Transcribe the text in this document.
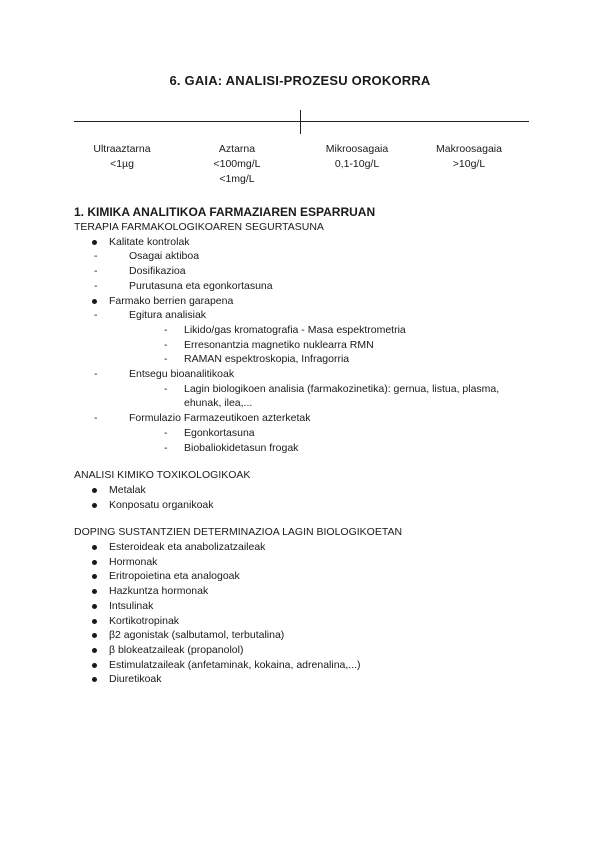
6. GAIA: ANALISI-PROZESU OROKORRA
Ultraaztarna
<1µg
Aztarna
<100mg/L
<1mg/L
Mikroosagaia
0,1-10g/L
Makroosagaia
>10g/L
1. KIMIKA ANALITIKOA FARMAZIAREN ESPARRUAN
TERAPIA FARMAKOLOGIKOAREN SEGURTASUNA
Kalitate kontrolak
- Osagai aktiboa
- Dosifikazioa
- Purutasuna eta egonkortasuna
Farmako berrien garapena
- Egitura analisiak
- Likido/gas kromatografia - Masa espektrometria
- Erresonantzia magnetiko nuklearra RMN
- RAMAN espektroskopia, Infragorria
- Entsegu bioanalitikoak
- Lagin biologikoen analisia (farmakozinetika): gernua, listua, plasma, ehunak, ilea,...
- Formulazio Farmazeutikoen azterketak
- Egonkortasuna
- Biobaliokidetasun frogak
ANALISI KIMIKO TOXIKOLOGIKOAK
Metalak
Konposatu organikoak
DOPING SUSTANTZIEN DETERMINAZIOA LAGIN BIOLOGIKOETAN
Esteroideak eta anabolizatzaileak
Hormonak
Eritropoietina eta analogoak
Hazkuntza hormonak
Intsulinak
Kortikotropinak
β2 agonistak (salbutamol, terbutalina)
β blokeatzaileak (propanolol)
Estimulatzaileak (anfetaminak, kokaina, adrenalina,...)
Diuretikoak
